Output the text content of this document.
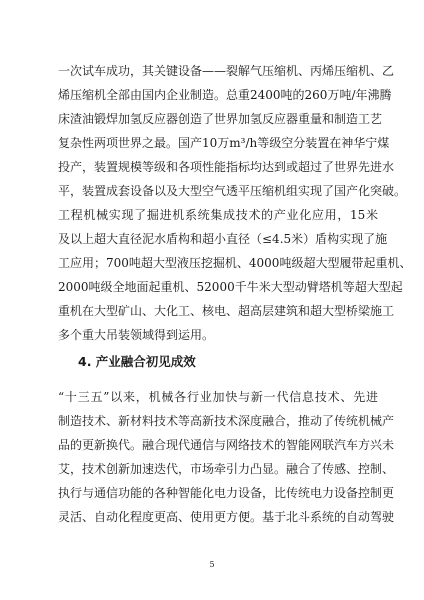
一次试车成功，其关键设备——裂解气压缩机、丙烯压缩机、乙
烯压缩机全部由国内企业制造。总重2400吨的260万吨/年沸腾
床渣油锻焊加氢反应器创造了世界加氢反应器重量和制造工艺
复杂性两项世界之最。国产10万m³/h等级空分装置在神华宁煤
投产，装置规模等级和各项性能指标均达到或超过了世界先进水
平，装置成套设备以及大型空气透平压缩机组实现了国产化突破。
工程机械实现了掘进机系统集成技术的产业化应用，15米
及以上超大直径泥水盾构和超小直径（≤4.5米）盾构实现了施
工应用；700吨超大型液压挖掘机、4000吨级超大型履带起重机、
2000吨级全地面起重机、52000千牛米大型动臂塔机等超大型起
重机在大型矿山、大化工、核电、超高层建筑和超大型桥梁施工
多个重大吊装领域得到运用。
4. 产业融合初见成效
“十三五”以来，机械各行业加快与新一代信息技术、先进
制造技术、新材料技术等高新技术深度融合，推动了传统机械产
品的更新换代。融合现代通信与网络技术的智能网联汽车方兴未
艾，技术创新加速迭代，市场牵引力凸显。融合了传感、控制、
执行与通信功能的各种智能化电力设备，比传统电力设备控制更
灵活、自动化程度更高、使用更方便。基于北斗系统的自动驾驶
5
